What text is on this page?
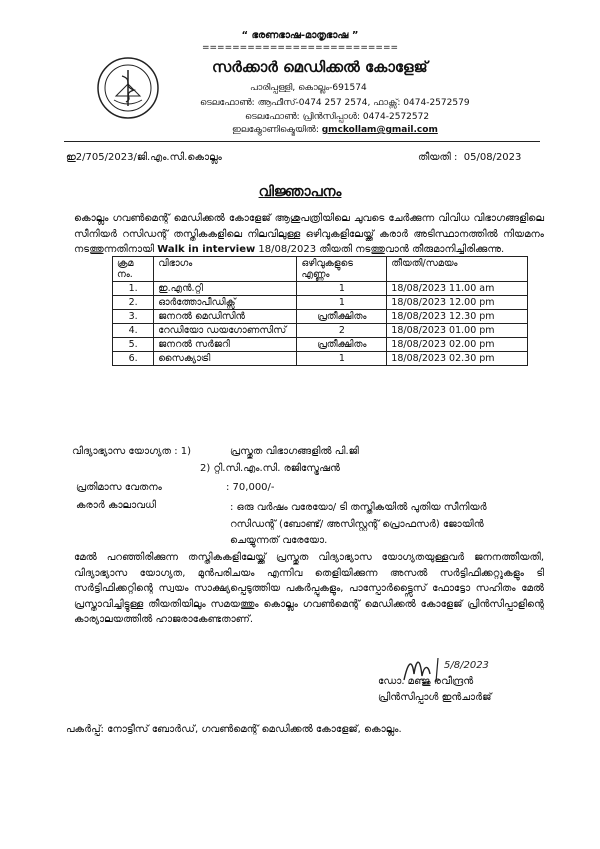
“ ഭരണഭാഷ-മാതൃഭാഷ ”
==========================
സർക്കാർ മെഡിക്കൽ കോളേജ്
പാരിപ്പള്ളി, കൊല്ലം-691574
ടെലഫോൺ: ആഫീസ്-0474 257 2574, ഫാക്സ്: 0474-2572579
ടെലഫോൺ: പ്രിൻസിപ്പാൾ: 0474-2572572
ഇലക്ട്രോണിക്മെയിൽ: gmckollam@gmail.com
ഇ2/705/2023/ജി.എം.സി.കൊല്ലം	തീയതി : 05/08/2023
വിജ്ഞാപനം
കൊല്ലം ഗവൺമെന്റ് മെഡിക്കൽ കോളേജ് ആശുപത്രിയിലെ ചുവടെ ചേർക്കുന്ന വിവിധ വിഭാഗങ്ങളിലെ സീനിയർ റസിഡന്റ് തസ്തികകളിലെ നിലവിലുള്ള ഒഴിവുകളിലേയ്ക്ക് കരാർ അടിസ്ഥാനത്തിൽ നിയമനം നടത്തുന്നതിനായി Walk in interview 18/08/2023 തീയതി നടത്തുവാൻ തീരുമാനിച്ചിരിക്കുന്നു.
ക്രമ നം.	വിഭാഗം	ഒഴിവുകളുടെ എണ്ണം	തീയതി/സമയം
1.	ഇ.എൻ.റ്റി	1	18/08/2023 11.00 am
2.	ഓർത്തോപീഡിക്സ്	1	18/08/2023 12.00 pm
3.	ജനറൽ മെഡിസിൻ	പ്രതീക്ഷിതം	18/08/2023 12.30 pm
4.	റേഡിയോ ഡയഗോണസിസ്	2	18/08/2023 01.00 pm
5.	ജനറൽ സർജറി	പ്രതീക്ഷിതം	18/08/2023 02.00 pm
6.	സൈക്യാട്രി	1	18/08/2023 02.30 pm
വിദ്യാഭ്യാസ യോഗ്യത : 1)	പ്രസ്തുത വിഭാഗങ്ങളിൽ പി.ജി
2) റ്റി.സി.എം.സി. രജിസ്ട്രേഷൻ
പ്രതിമാസ വേതനം	: 70,000/-
കരാർ കാലാവധി	: ഒരു വർഷം വരേയോ/ ടി തസ്തികയിൽ പുതിയ സീനിയർ റസിഡന്റ് (ബോണ്ട്/ അസിസ്റ്റന്റ് പ്രൊഫസർ) ജോയിൻ ചെയ്യുന്നത് വരേയോ.
മേൽ പറഞ്ഞിരിക്കുന്ന തസ്തികകളിലേയ്ക്ക് പ്രസ്തുത വിദ്യാഭ്യാസ യോഗ്യതയുള്ളവർ ജനനത്തീയതി, വിദ്യാഭ്യാസ യോഗ്യത, മുൻപരിചയം എന്നിവ തെളിയിക്കുന്ന അസൽ സർട്ടിഫിക്കറ്റുകളും ടി സർട്ടിഫിക്കറ്റിന്റെ സ്വയം സാക്ഷ്യപ്പെടുത്തിയ പകർപ്പുകളും, പാസ്പോർട്ട്സൈസ് ഫോട്ടോ സഹിതം മേൽ പ്രസ്താവിച്ചിട്ടുള്ള തീയതിയിലും സമയത്തും കൊല്ലം ഗവൺമെന്റ് മെഡിക്കൽ കോളേജ് പ്രിൻസിപ്പാളിന്റെ കാര്യാലയത്തിൽ ഹാജരാകേണ്ടതാണ്.
5/8/2023
ഡോ. മഞ്ജു രവീന്ദ്രൻ
പ്രിൻസിപ്പാൾ ഇൻചാർജ്
പകർപ്പ്: നോട്ടീസ് ബോർഡ്, ഗവൺമെന്റ് മെഡിക്കൽ കോളേജ്, കൊല്ലം.
